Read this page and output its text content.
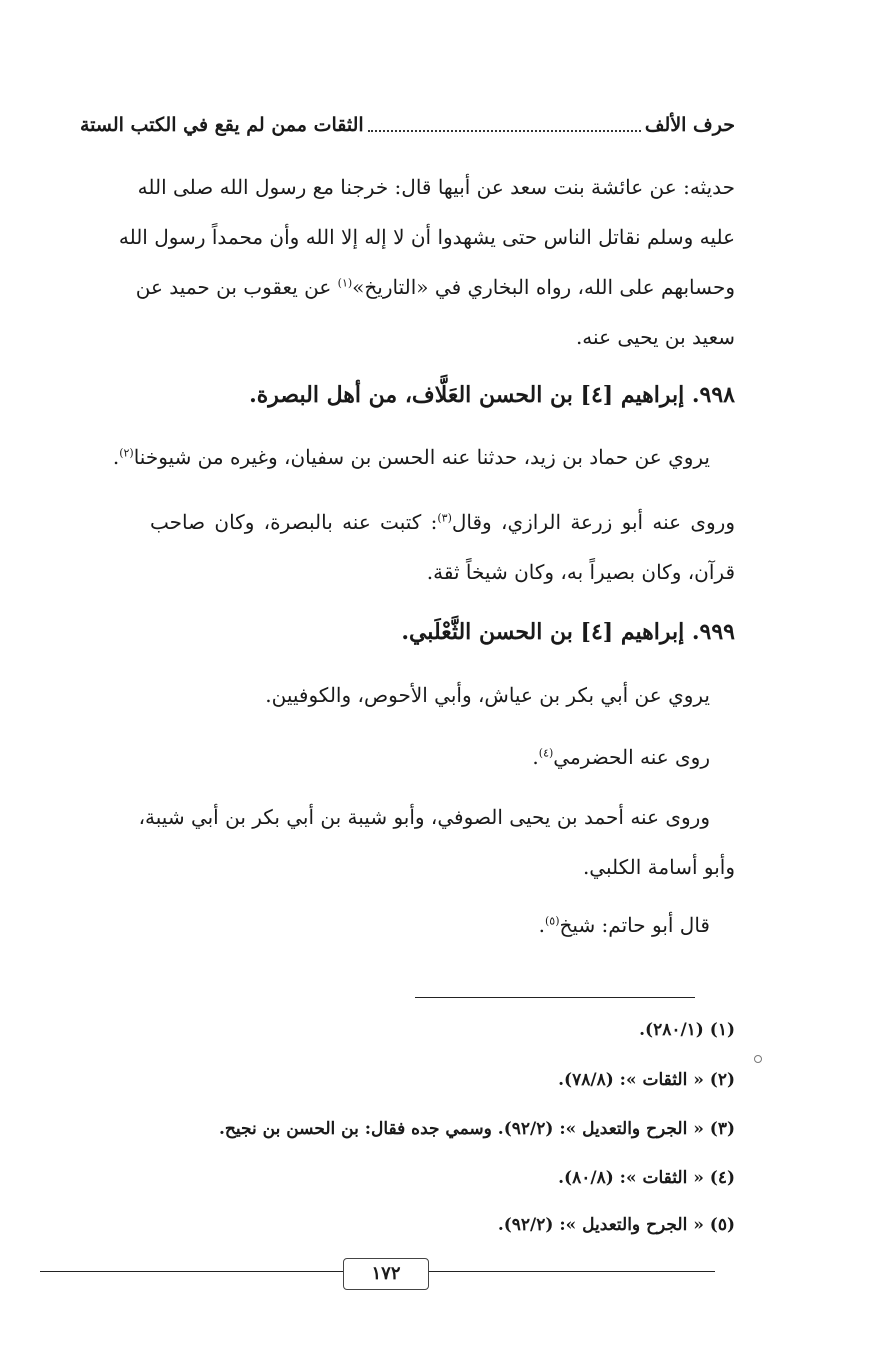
حرف الألف
الثقات ممن لم يقع في الكتب الستة
حديثه: عن عائشة بنت سعد عن أبيها قال: خرجنا مع رسول الله صلى الله
عليه وسلم نقاتل الناس حتى يشهدوا أن لا إله إلا الله وأن محمداً رسول الله
وحسابهم على الله، رواه البخاري في «التاريخ»$^{(١)}$ عن يعقوب بن حميد عن
سعيد بن يحيى عنه.
٩٩٨. إبراهيم [٤] بن الحسن العَلَّاف، من أهل البصرة.
يروي عن حماد بن زيد، حدثنا عنه الحسن بن سفيان، وغيره من شيوخنا$^{(٢)}$.
وروى عنه أبو زرعة الرازي، وقال$^{(٣)}$: كتبت عنه بالبصرة، وكان صاحب
قرآن، وكان بصيراً به، وكان شيخاً ثقة.
٩٩٩. إبراهيم [٤] بن الحسن الثَّعْلَبي.
يروي عن أبي بكر بن عياش، وأبي الأحوص، والكوفيين.
روى عنه الحضرمي$^{(٤)}$.
وروى عنه أحمد بن يحيى الصوفي، وأبو شيبة بن أبي بكر بن أبي شيبة،
وأبو أسامة الكلبي.
قال أبو حاتم: شيخ$^{(٥)}$.
(١) (٢٨٠/١).
(٢) « الثقات »: (٧٨/٨).
(٣) « الجرح والتعديل »: (٩٢/٢). وسمي جده فقال: بن الحسن بن نجيح.
(٤) « الثقات »: (٨٠/٨).
(٥) « الجرح والتعديل »: (٩٢/٢).
١٧٢
